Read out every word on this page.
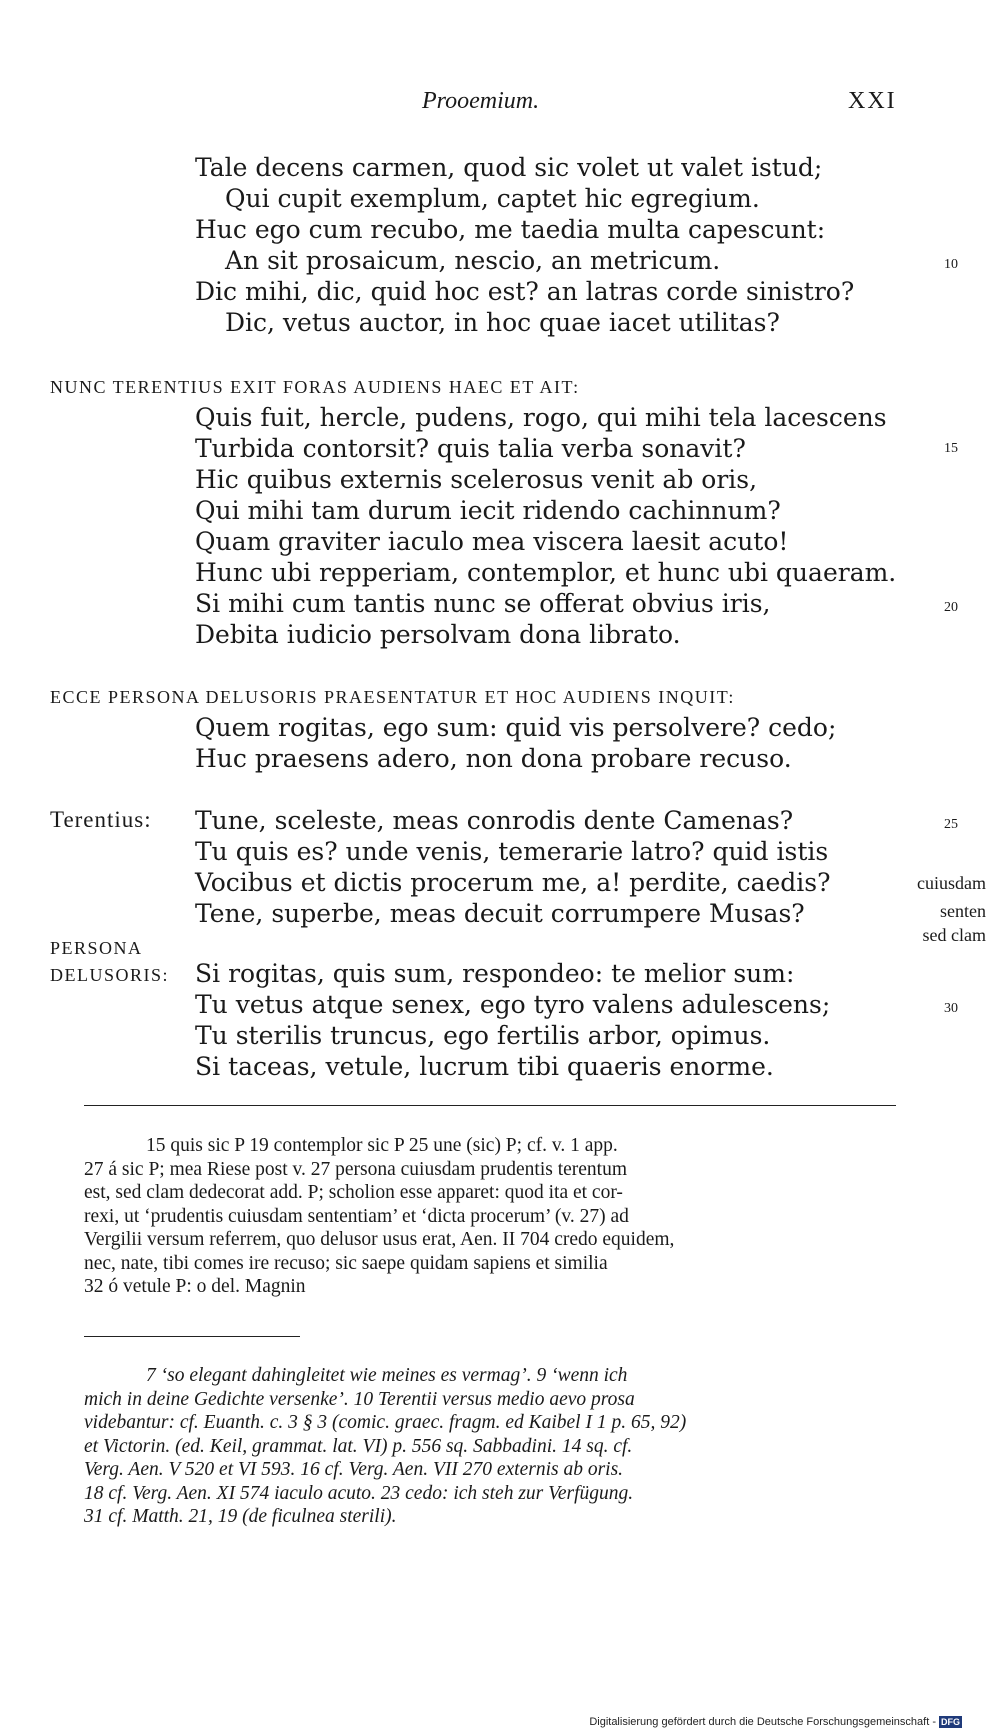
Prooemium.	XXI
Tale decens carmen, quod sic volet ut valet istud;
Qui cupit exemplum, captet hic egregium.
Huc ego cum recubo, me taedia multa capescunt:
An sit prosaicum, nescio, an metricum.	10
Dic mihi, dic, quid hoc est? an latras corde sinistro?
Dic, vetus auctor, in hoc quae iacet utilitas?
NUNC TERENTIUS EXIT FORAS AUDIENS HAEC ET AIT:
Quis fuit, hercle, pudens, rogo, qui mihi tela lacescens
Turbida contorsit? quis talia verba sonavit?	15
Hic quibus externis scelerosus venit ab oris,
Qui mihi tam durum iecit ridendo cachinnum?
Quam graviter iaculo mea viscera laesit acuto!
Hunc ubi repperiam, contemplor, et hunc ubi quaeram.
Si mihi cum tantis nunc se offerat obvius iris,	20
Debita iudicio persolvam dona librato.
ECCE PERSONA DELUSORIS PRAESENTATUR ET HOC AUDIENS INQUIT:
Quem rogitas, ego sum: quid vis persolvere? cedo;
Huc praesens adero, non dona probare recuso.
Terentius: Tune, sceleste, meas conrodis dente Camenas?	25
Tu quis es? unde venis, temerarie latro? quid istis
Vocibus et dictis procerum me, a! perdite, caedis?	cuiusdam
Tene, superbe, meas decuit corrumpere Musas?	senten
sed clam
PERSONA
DELUSORIS: Si rogitas, quis sum, respondeo: te melior sum:
Tu vetus atque senex, ego tyro valens adulescens;	30
Tu sterilis truncus, ego fertilis arbor, opimus.
Si taceas, vetule, lucrum tibi quaeris enorme.

15 quis sic P 19 contemplor sic P 25 une (sic) P; cf. v. 1 app.

27 á sic P; mea Riese post v. 27 persona cuiusdam prudentis terentum

est, sed clam dedecorat add. P; scholion esse apparet: quod ita et cor-

rexi, ut ‘prudentis cuiusdam sententiam’ et ‘dicta procerum’ (v. 27) ad

Vergilii versum referrem, quo delusor usus erat, Aen. II 704 credo equidem,

nec, nate, tibi comes ire recuso; sic saepe quidam sapiens et similia

32 ó vetule P: o del. Magnin

7 ‘so elegant dahingleitet wie meines es vermag’. 9 ‘wenn ich

mich in deine Gedichte versenke’. 10 Terentii versus medio aevo prosa

videbantur: cf. Euanth. c. 3 § 3 (comic. graec. fragm. ed Kaibel I 1 p. 65, 92)

et Victorin. (ed. Keil, grammat. lat. VI) p. 556 sq. Sabbadini. 14 sq. cf.

Verg. Aen. V 520 et VI 593. 16 cf. Verg. Aen. VII 270 externis ab oris.

18 cf. Verg. Aen. XI 574 iaculo acuto. 23 cedo: ich steh zur Verfügung.

31 cf. Matth. 21, 19 (de ficulnea sterili).

Digitalisierung gefördert durch die Deutsche Forschungsgemeinschaft - DFG
